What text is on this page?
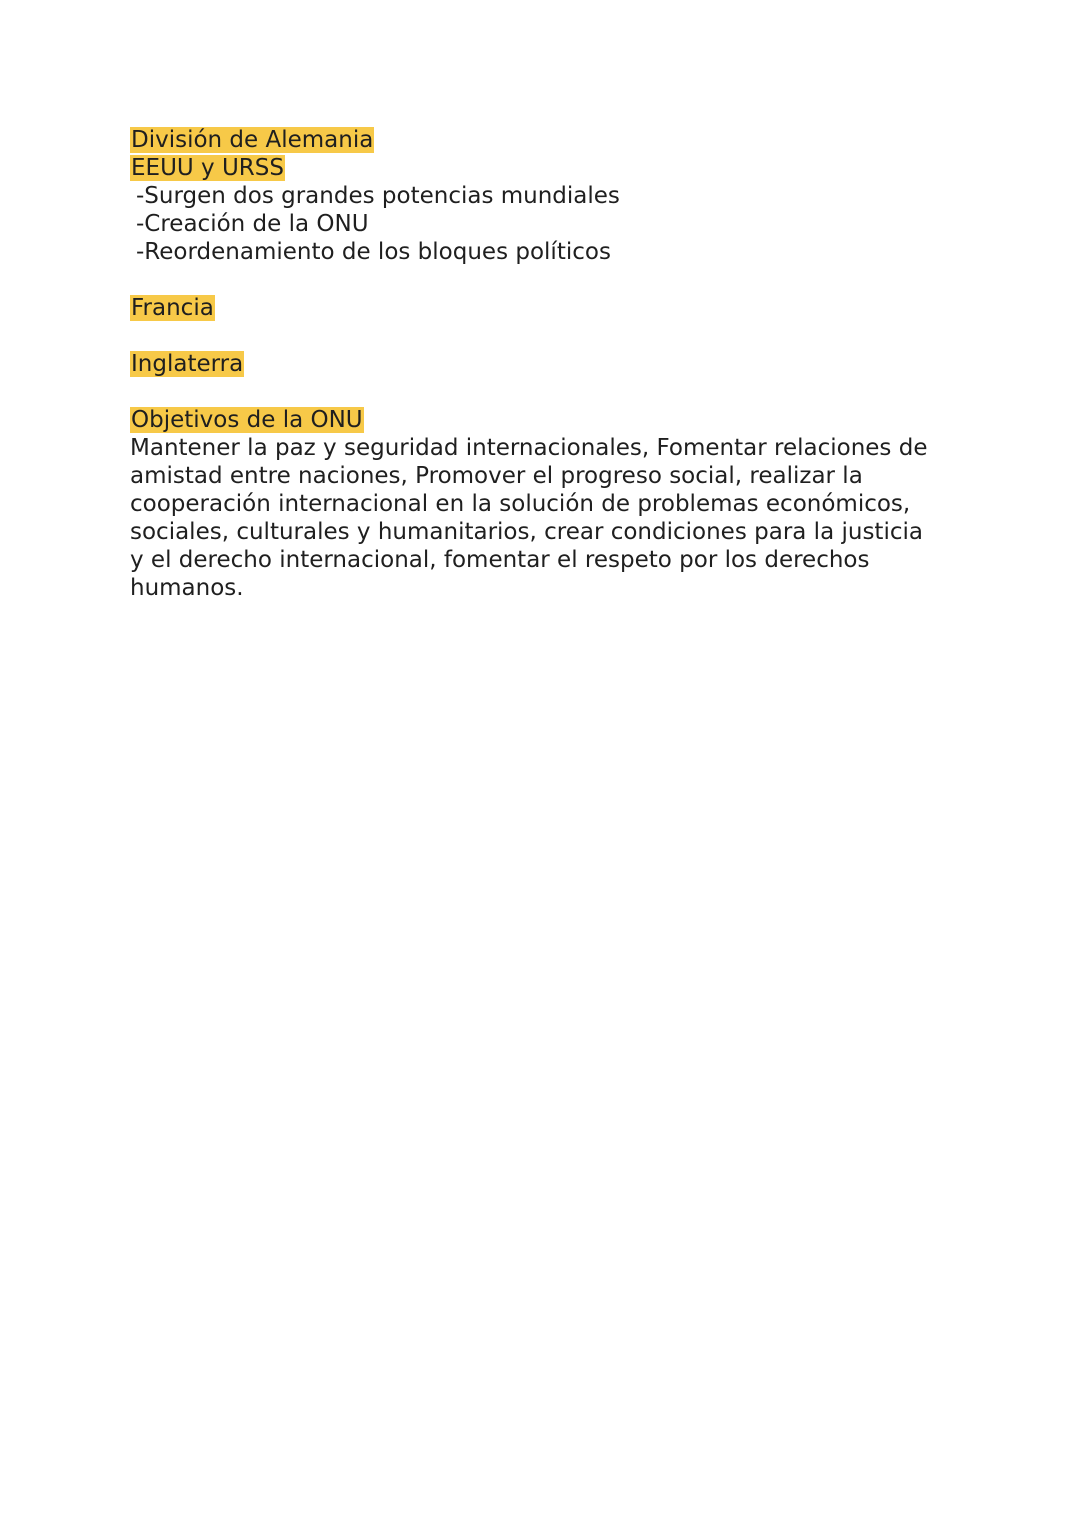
División de Alemania
EEUU y URSS
-Surgen dos grandes potencias mundiales
-Creación de la ONU
-Reordenamiento de los bloques políticos
Francia
Inglaterra
Objetivos de la ONU
Mantener la paz y seguridad internacionales, Fomentar relaciones de amistad entre naciones, Promover el progreso social, realizar la cooperación internacional en la solución de problemas económicos, sociales, culturales y humanitarios, crear condiciones para la justicia y el derecho internacional, fomentar el respeto por los derechos humanos.
